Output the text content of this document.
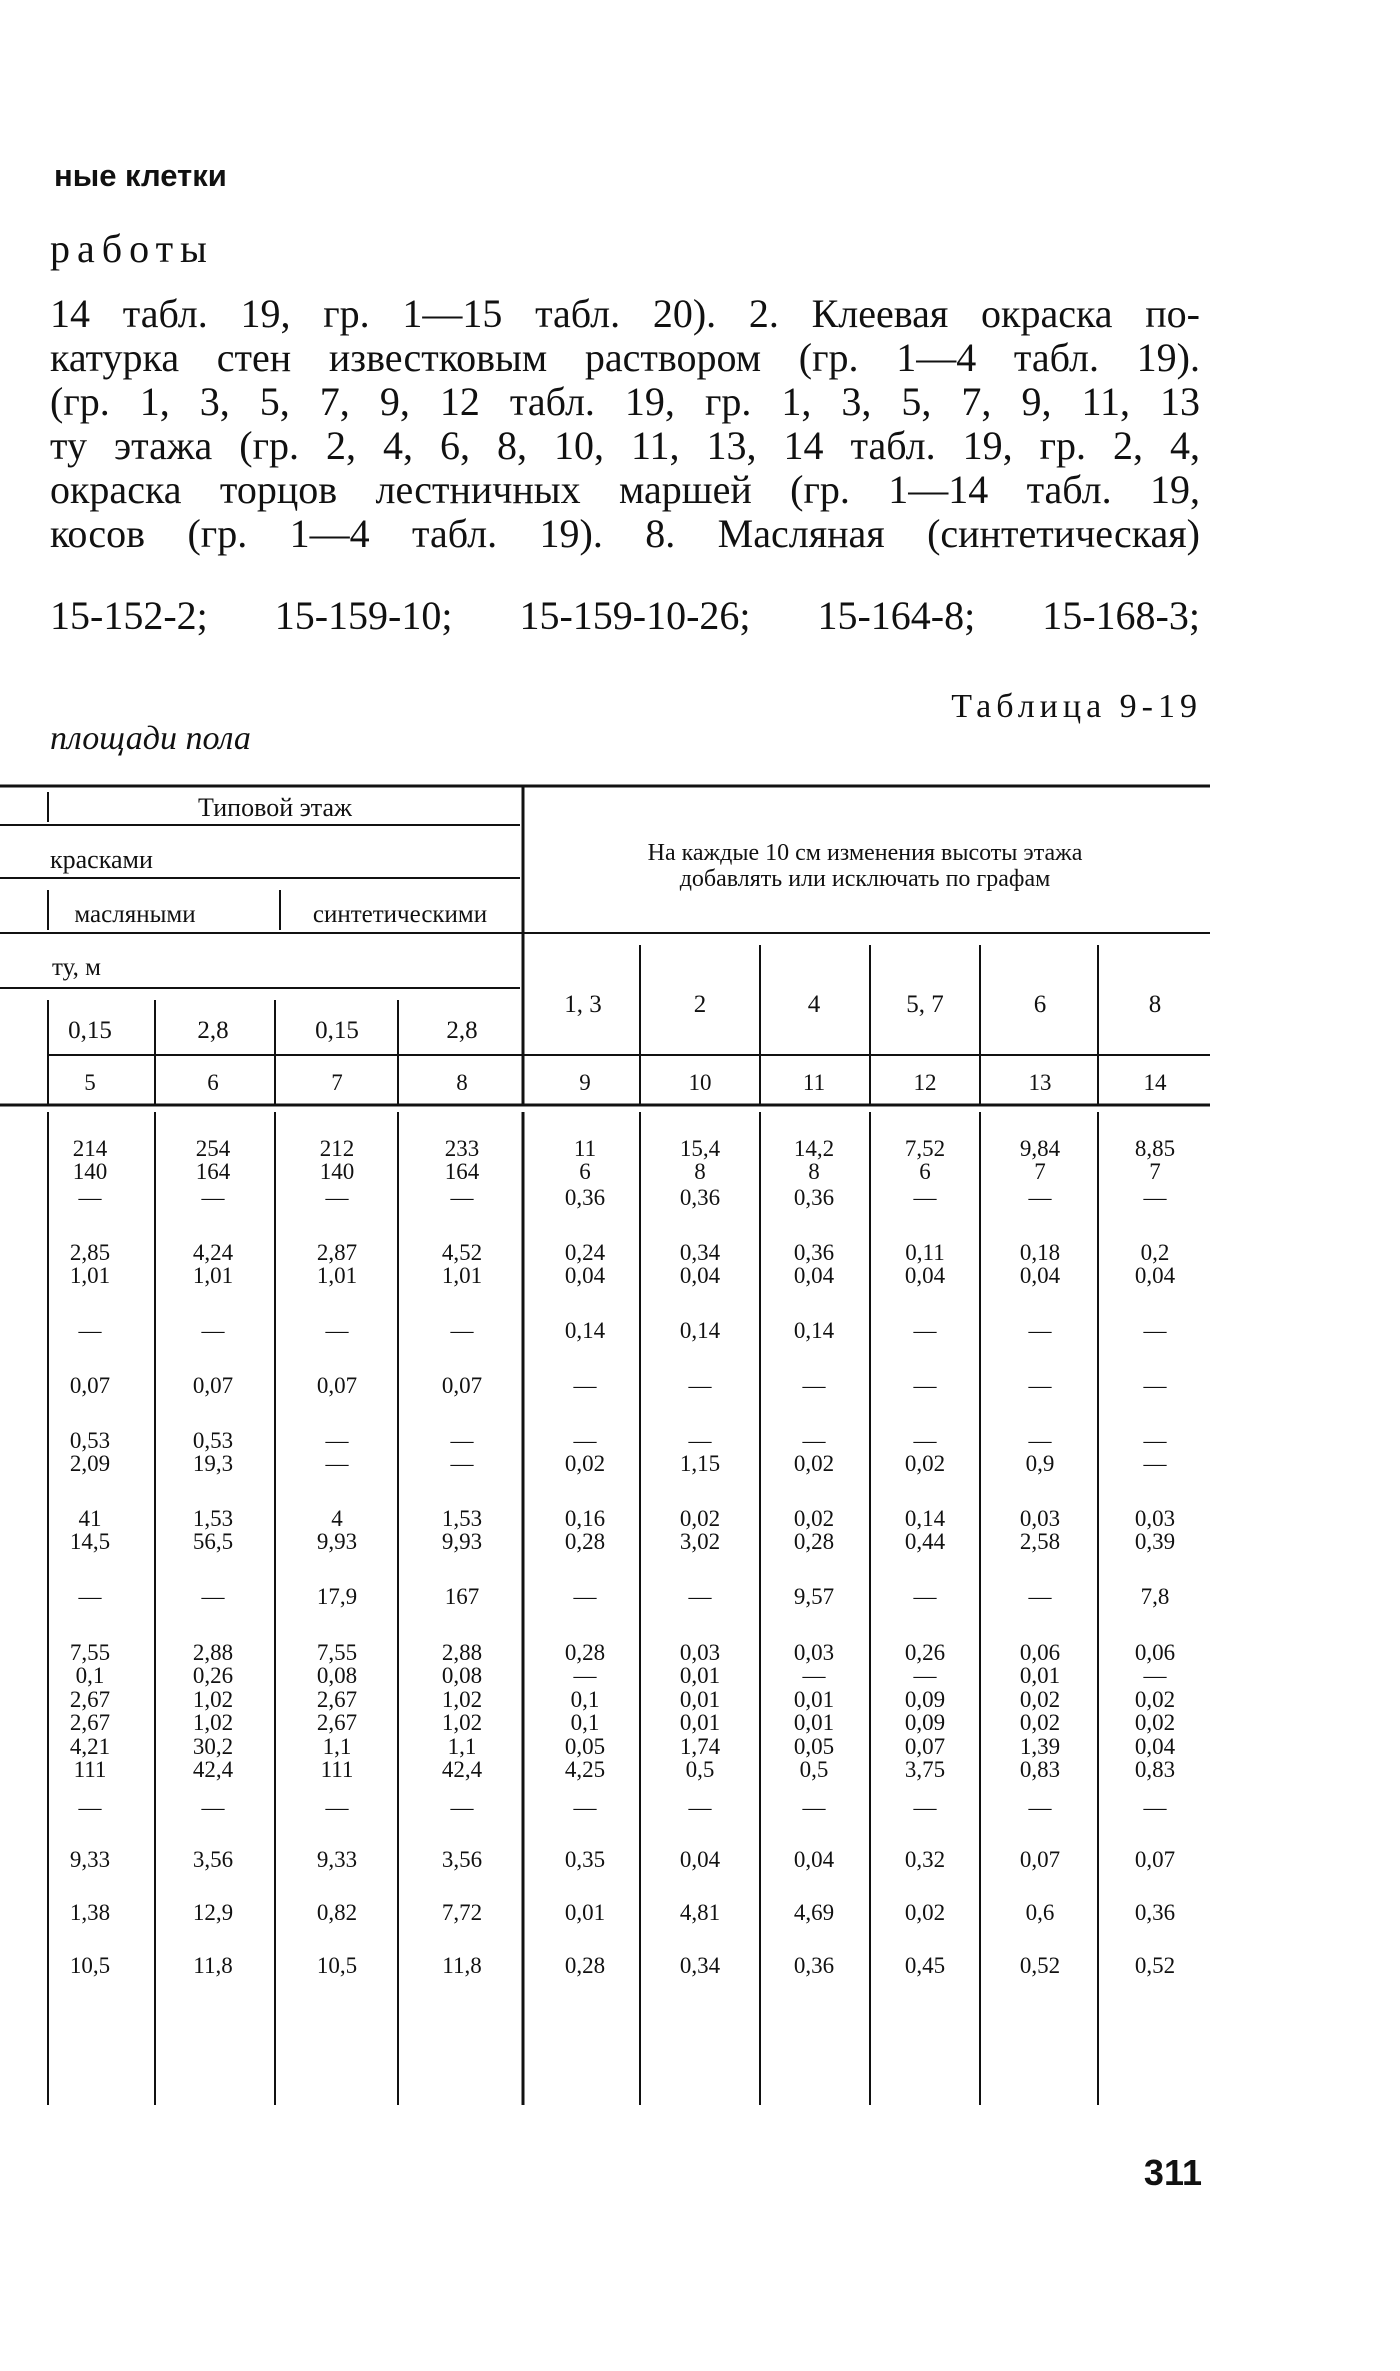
ные клетки
работы
14 табл. 19, гр. 1—15 табл. 20). 2. Клеевая окраска по-
катурка стен известковым раствором (гр. 1—4 табл. 19).
(гр. 1, 3, 5, 7, 9, 12 табл. 19, гр. 1, 3, 5, 7, 9, 11, 13
ту этажа (гр. 2, 4, 6, 8, 10, 11, 13, 14 табл. 19, гр. 2, 4,
окраска торцов лестничных маршей (гр. 1—14 табл. 19,
косов (гр. 1—4 табл. 19). 8. Масляная (синтетическая)
15-152-2; 15-159-10; 15-159-10-26; 15-164-8; 15-168-3;
Таблица 9-19
площади пола
Типовой этаж
красками
масляными	синтетическими
ту, м
На каждые 10 см изменения высоты этажа
добавлять или исключать по графам
0,15	2,8	0,15	2,8
1, 3	2	4	5, 7	6	8
5	6	7	8	9	10	11	12	13	14
214	254	212	233	11	15,4	14,2	7,52	9,84	8,85
140	164	140	164	6	8	8	6	7	7
—	—	—	—	0,36	0,36	0,36	—	—	—
2,85	4,24	2,87	4,52	0,24	0,34	0,36	0,11	0,18	0,2
1,01	1,01	1,01	1,01	0,04	0,04	0,04	0,04	0,04	0,04
—	—	—	—	0,14	0,14	0,14	—	—	—
0,07	0,07	0,07	0,07	—	—	—	—	—	—
0,53	0,53	—	—	—	—	—	—	—	—
2,09	19,3	—	—	0,02	1,15	0,02	0,02	0,9	—
41	1,53	4	1,53	0,16	0,02	0,02	0,14	0,03	0,03
14,5	56,5	9,93	9,93	0,28	3,02	0,28	0,44	2,58	0,39
—	—	17,9	167	—	—	9,57	—	—	7,8
7,55	2,88	7,55	2,88	0,28	0,03	0,03	0,26	0,06	0,06
0,1	0,26	0,08	0,08	—	0,01	—	—	0,01	—
2,67	1,02	2,67	1,02	0,1	0,01	0,01	0,09	0,02	0,02
2,67	1,02	2,67	1,02	0,1	0,01	0,01	0,09	0,02	0,02
4,21	30,2	1,1	1,1	0,05	1,74	0,05	0,07	1,39	0,04
111	42,4	111	42,4	4,25	0,5	0,5	3,75	0,83	0,83
—	—	—	—	—	—	—	—	—	—
9,33	3,56	9,33	3,56	0,35	0,04	0,04	0,32	0,07	0,07
1,38	12,9	0,82	7,72	0,01	4,81	4,69	0,02	0,6	0,36
10,5	11,8	10,5	11,8	0,28	0,34	0,36	0,45	0,52	0,52
311
